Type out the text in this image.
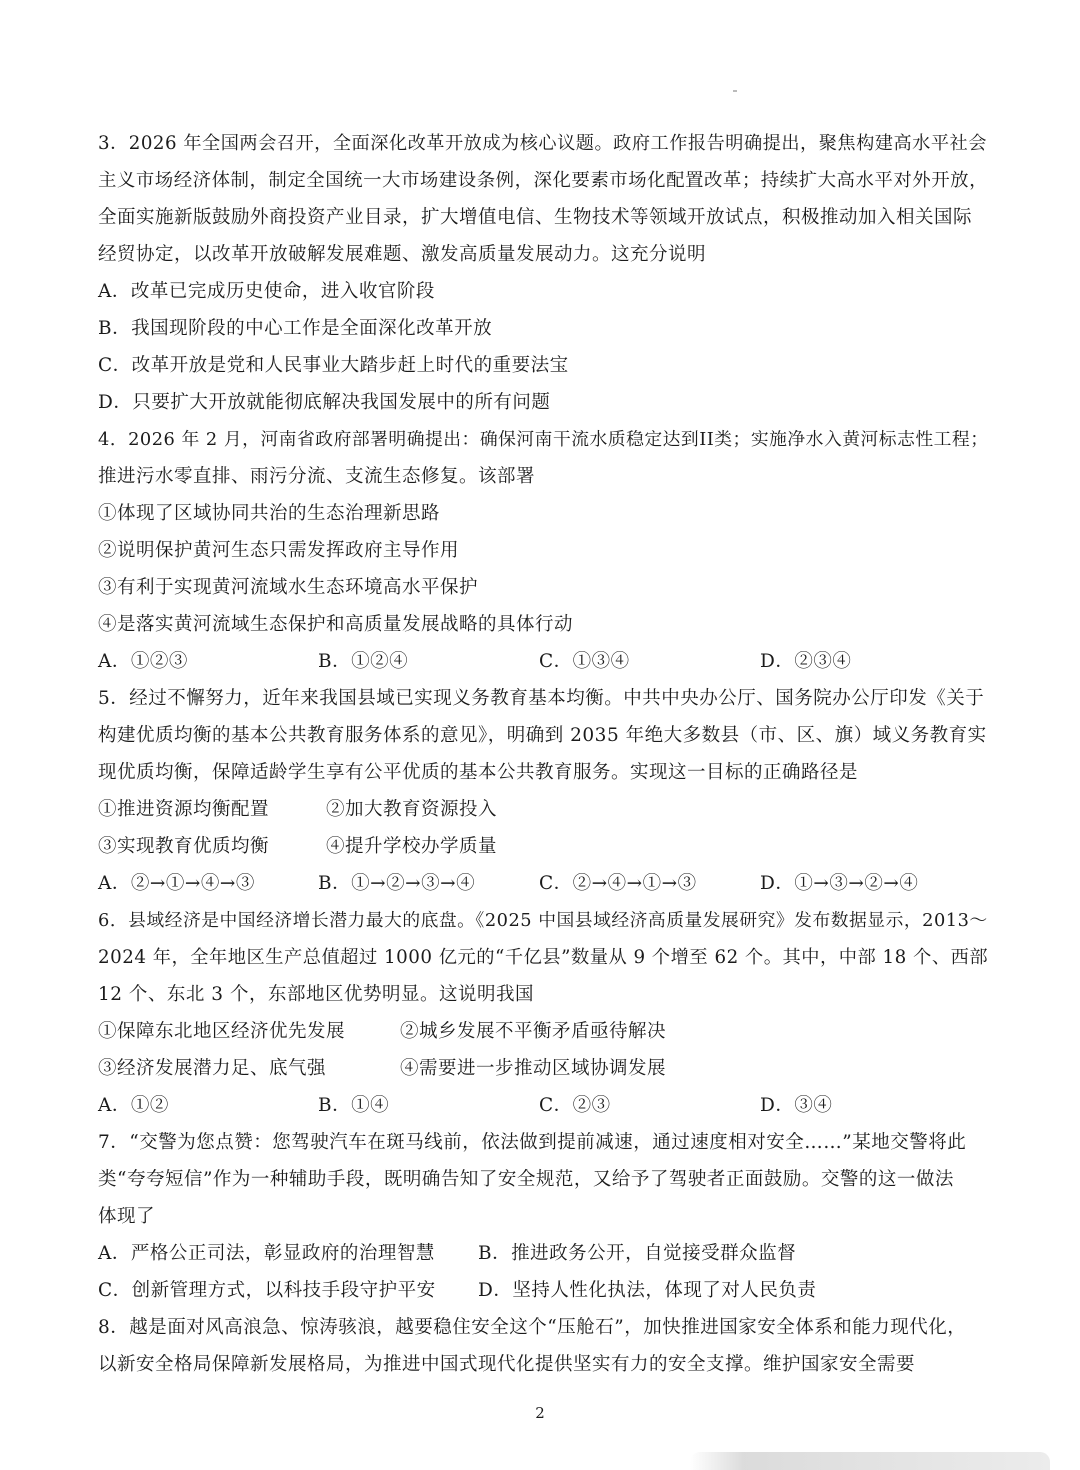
3．2026 年全国两会召开，全面深化改革开放成为核心议题。政府工作报告明确提出，聚焦构建高水平社会
主义市场经济体制，制定全国统一大市场建设条例，深化要素市场化配置改革；持续扩大高水平对外开放，
全面实施新版鼓励外商投资产业目录，扩大增值电信、生物技术等领域开放试点，积极推动加入相关国际
经贸协定，以改革开放破解发展难题、激发高质量发展动力。这充分说明
A．改革已完成历史使命，进入收官阶段
B．我国现阶段的中心工作是全面深化改革开放
C．改革开放是党和人民事业大踏步赶上时代的重要法宝
D．只要扩大开放就能彻底解决我国发展中的所有问题
4．2026 年 2 月，河南省政府部署明确提出：确保河南干流水质稳定达到II类；实施净水入黄河标志性工程；
推进污水零直排、雨污分流、支流生态修复。该部署
①体现了区域协同共治的生态治理新思路
②说明保护黄河生态只需发挥政府主导作用
③有利于实现黄河流域水生态环境高水平保护
④是落实黄河流域生态保护和高质量发展战略的具体行动
A．①②③	B．①②④	C．①③④	D．②③④
5．经过不懈努力，近年来我国县域已实现义务教育基本均衡。中共中央办公厅、国务院办公厅印发《关于
构建优质均衡的基本公共教育服务体系的意见》，明确到 2035 年绝大多数县（市、区、旗）域义务教育实
现优质均衡，保障适龄学生享有公平优质的基本公共教育服务。实现这一目标的正确路径是
①推进资源均衡配置	②加大教育资源投入
③实现教育优质均衡	④提升学校办学质量
A．②→①→④→③	B．①→②→③→④	C．②→④→①→③	D．①→③→②→④
6．县域经济是中国经济增长潜力最大的底盘。《2025 中国县域经济高质量发展研究》发布数据显示，2013～
2024 年，全年地区生产总值超过 1000 亿元的“千亿县”数量从 9 个增至 62 个。其中，中部 18 个、西部
12 个、东北 3 个，东部地区优势明显。这说明我国
①保障东北地区经济优先发展	②城乡发展不平衡矛盾亟待解决
③经济发展潜力足、底气强	④需要进一步推动区域协调发展
A．①②	B．①④	C．②③	D．③④
7．“交警为您点赞：您驾驶汽车在斑马线前，依法做到提前减速，通过速度相对安全……”某地交警将此
类“夸夸短信”作为一种辅助手段，既明确告知了安全规范，又给予了驾驶者正面鼓励。交警的这一做法
体现了
A．严格公正司法，彰显政府的治理智慧 B．推进政务公开，自觉接受群众监督
C．创新管理方式，以科技手段守护平安 D．坚持人性化执法，体现了对人民负责
8．越是面对风高浪急、惊涛骇浪，越要稳住安全这个“压舱石”，加快推进国家安全体系和能力现代化，
以新安全格局保障新发展格局，为推进中国式现代化提供坚实有力的安全支撑。维护国家安全需要
2
